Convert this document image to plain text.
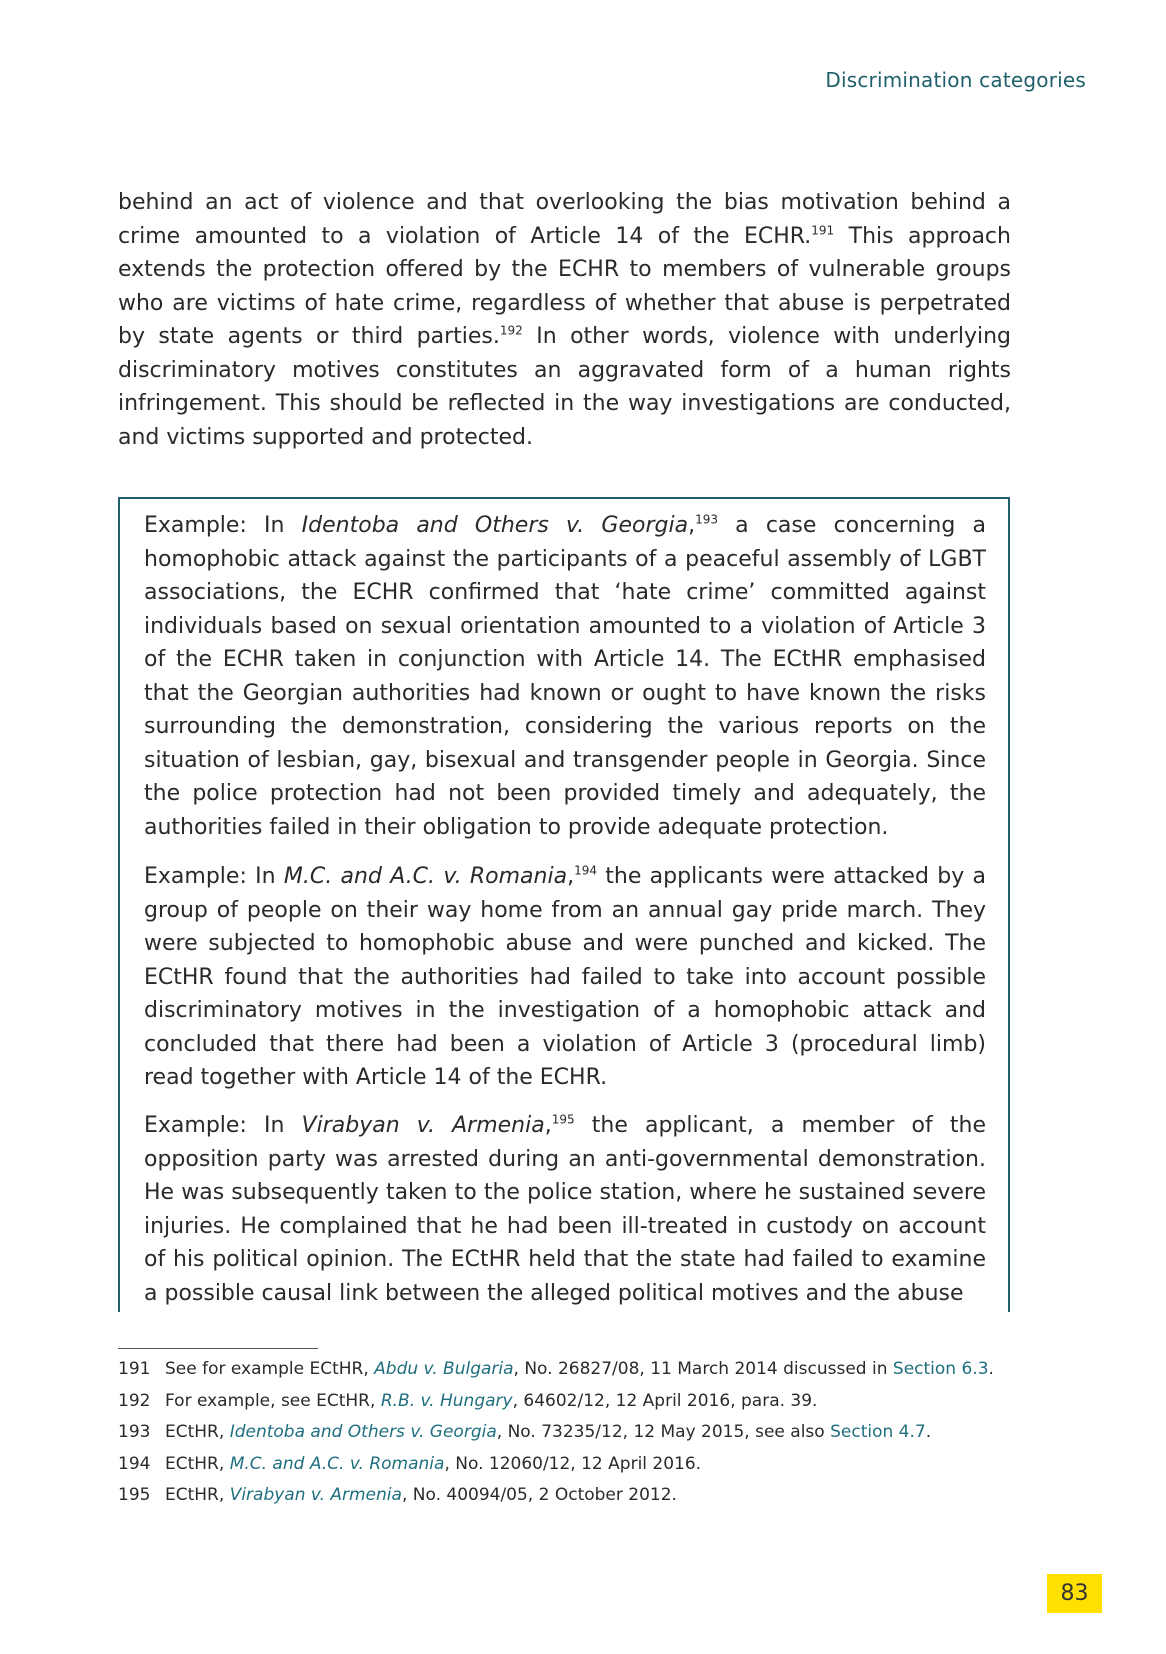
Discrimination categories

behind an act of violence and that overlooking the bias motivation behind a crime amounted to a violation of Article 14 of the ECHR.$^{191}$ This approach extends the protection offered by the ECHR to members of vulnerable groups who are victims of hate crime, regardless of whether that abuse is perpetrated by state agents or third parties.$^{192}$ In other words, violence with underlying discriminatory motives constitutes an aggravated form of a human rights infringement. This should be reflected in the way investigations are conducted, and victims supported and protected.

Example: In Identoba and Others v. Georgia,$^{193}$ a case concerning a homophobic attack against the participants of a peaceful assembly of LGBT associations, the ECHR confirmed that ‘hate crime’ committed against individuals based on sexual orientation amounted to a violation of Article 3 of the ECHR taken in conjunction with Article 14. The ECtHR emphasised that the Georgian authorities had known or ought to have known the risks surrounding the demonstration, considering the various reports on the situation of lesbian, gay, bisexual and transgender people in Georgia. Since the police protection had not been provided timely and adequately, the authorities failed in their obligation to provide adequate protection.

Example: In M.C. and A.C. v. Romania,$^{194}$ the applicants were attacked by a group of people on their way home from an annual gay pride march. They were subjected to homophobic abuse and were punched and kicked. The ECtHR found that the authorities had failed to take into account possible discriminatory motives in the investigation of a homophobic attack and concluded that there had been a violation of Article 3 (procedural limb) read together with Article 14 of the ECHR.

Example: In Virabyan v. Armenia,$^{195}$ the applicant, a member of the opposition party was arrested during an anti-governmental demonstration. He was subsequently taken to the police station, where he sustained severe injuries. He complained that he had been ill-treated in custody on account of his political opinion. The ECtHR held that the state had failed to examine a possible causal link between the alleged political motives and the abuse

191 See for example ECtHR, Abdu v. Bulgaria, No. 26827/08, 11 March 2014 discussed in Section 6.3.
192 For example, see ECtHR, R.B. v. Hungary, 64602/12, 12 April 2016, para. 39.
193 ECtHR, Identoba and Others v. Georgia, No. 73235/12, 12 May 2015, see also Section 4.7.
194 ECtHR, M.C. and A.C. v. Romania, No. 12060/12, 12 April 2016.
195 ECtHR, Virabyan v. Armenia, No. 40094/05, 2 October 2012.
83
